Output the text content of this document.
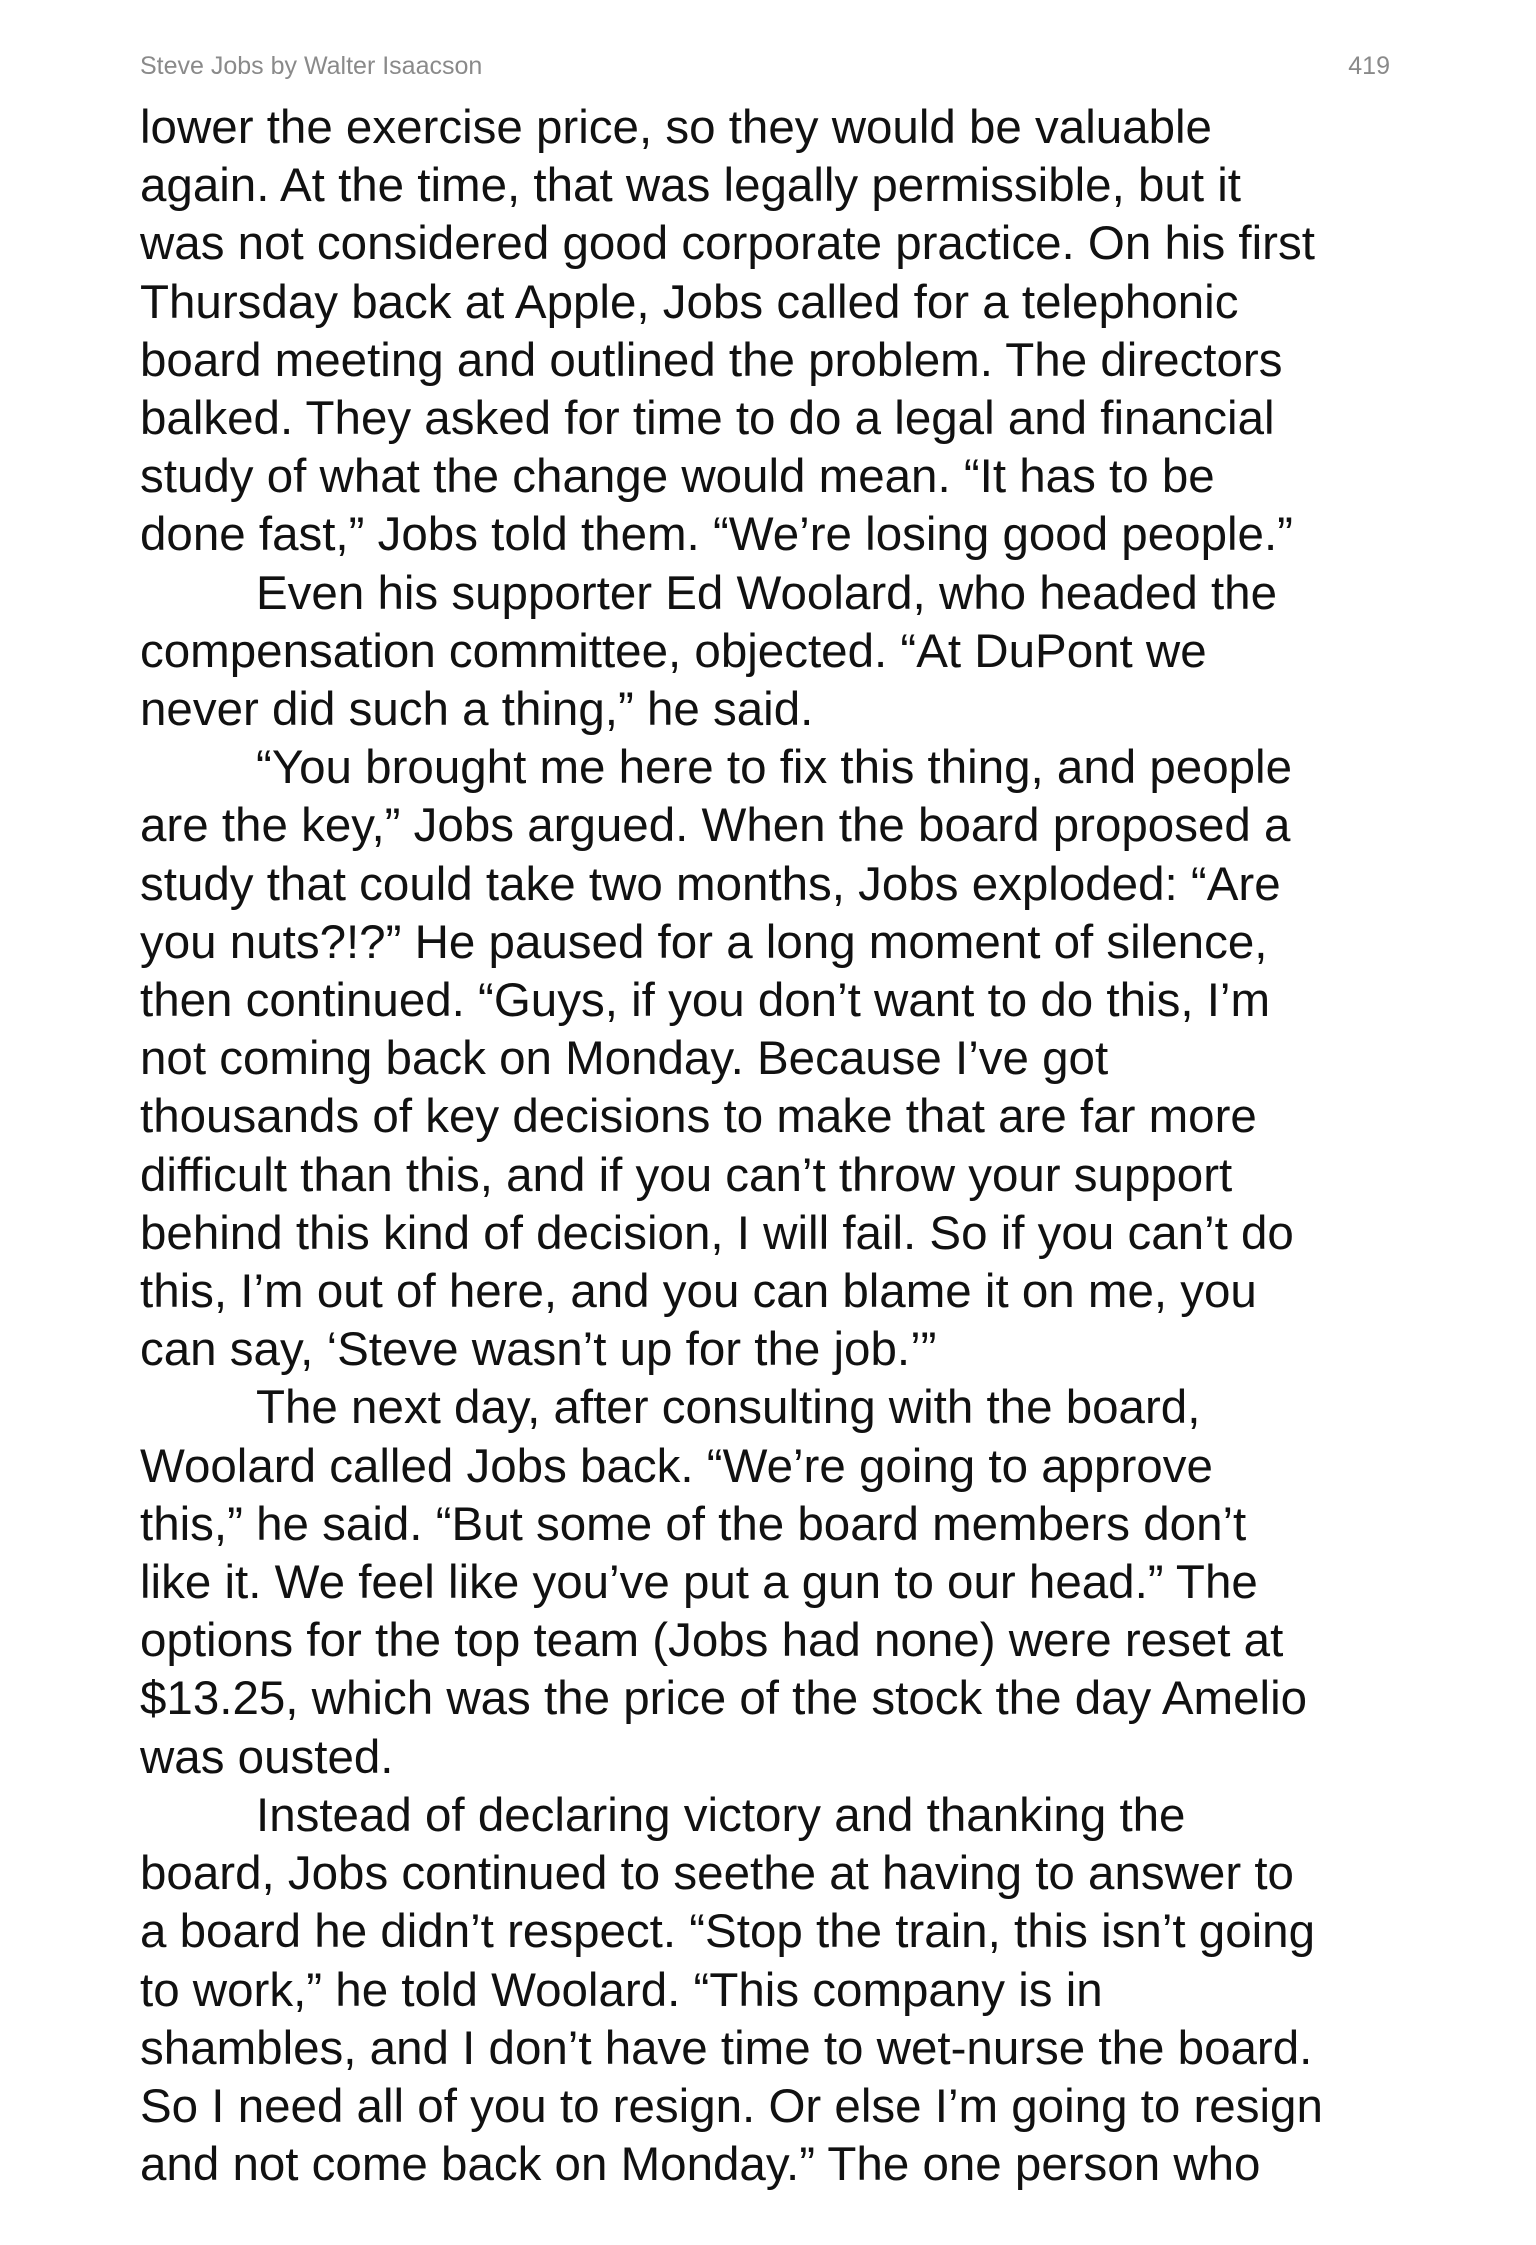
Steve Jobs by Walter Isaacson	419
lower the exercise price, so they would be valuable
again. At the time, that was legally permissible, but it
was not considered good corporate practice. On his first
Thursday back at Apple, Jobs called for a telephonic
board meeting and outlined the problem. The directors
balked. They asked for time to do a legal and financial
study of what the change would mean. “It has to be
done fast,” Jobs told them. “We’re losing good people.”
Even his supporter Ed Woolard, who headed the
compensation committee, objected. “At DuPont we
never did such a thing,” he said.
“You brought me here to fix this thing, and people
are the key,” Jobs argued. When the board proposed a
study that could take two months, Jobs exploded: “Are
you nuts?!?” He paused for a long moment of silence,
then continued. “Guys, if you don’t want to do this, I’m
not coming back on Monday. Because I’ve got
thousands of key decisions to make that are far more
difficult than this, and if you can’t throw your support
behind this kind of decision, I will fail. So if you can’t do
this, I’m out of here, and you can blame it on me, you
can say, ‘Steve wasn’t up for the job.’”
The next day, after consulting with the board,
Woolard called Jobs back. “We’re going to approve
this,” he said. “But some of the board members don’t
like it. We feel like you’ve put a gun to our head.” The
options for the top team (Jobs had none) were reset at
$13.25, which was the price of the stock the day Amelio
was ousted.
Instead of declaring victory and thanking the
board, Jobs continued to seethe at having to answer to
a board he didn’t respect. “Stop the train, this isn’t going
to work,” he told Woolard. “This company is in
shambles, and I don’t have time to wet-nurse the board.
So I need all of you to resign. Or else I’m going to resign
and not come back on Monday.” The one person who
